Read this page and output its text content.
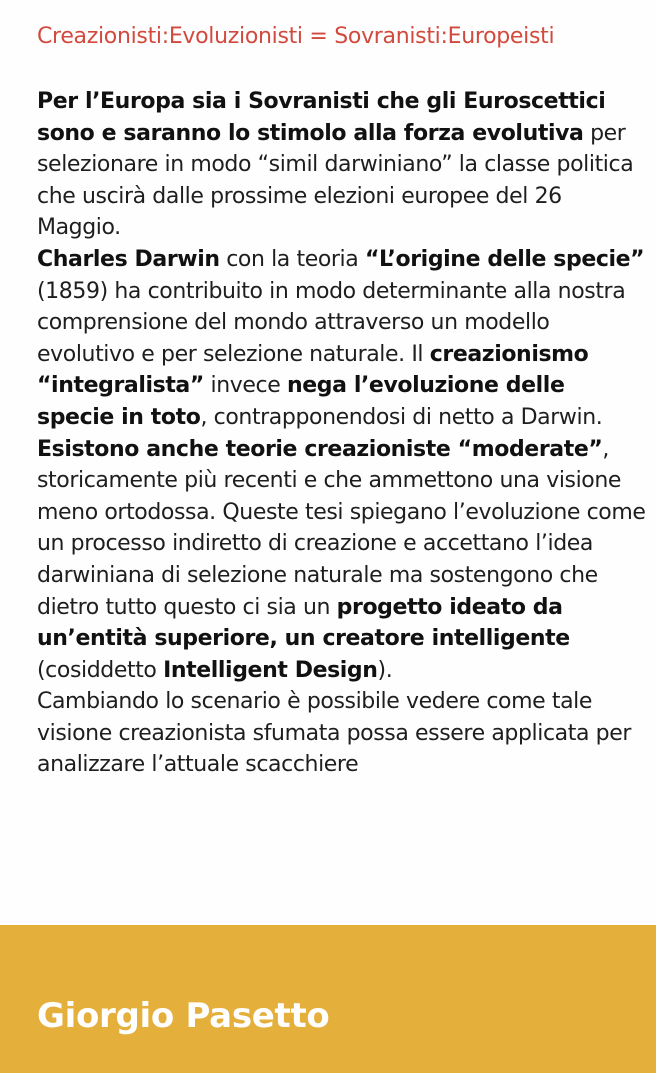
Creazionisti:Evoluzionisti = Sovranisti:Europeisti

Per l’Europa sia i Sovranisti che gli Euroscettici sono e saranno lo stimolo alla forza evolutiva per selezionare in modo “simil darwiniano” la classe politica che uscirà dalle prossime elezioni europee del 26 Maggio.

Charles Darwin con la teoria “L’origine delle specie” (1859) ha contribuito in modo determinante alla nostra comprensione del mondo attraverso un modello evolutivo e per selezione naturale. Il creazionismo “integralista” invece nega l’evoluzione delle specie in toto, contrapponendosi di netto a Darwin.

Esistono anche teorie creazioniste “moderate”, storicamente più recenti e che ammettono una visione meno ortodossa. Queste tesi spiegano l’evoluzione come un processo indiretto di creazione e accettano l’idea darwiniana di selezione naturale ma sostengono che dietro tutto questo ci sia un progetto ideato da un’entità superiore, un creatore intelligente (cosiddetto Intelligent Design).

Cambiando lo scenario è possibile vedere come tale visione creazionista sfumata possa essere applicata per analizzare l’attuale scacchiere

Giorgio Pasetto
